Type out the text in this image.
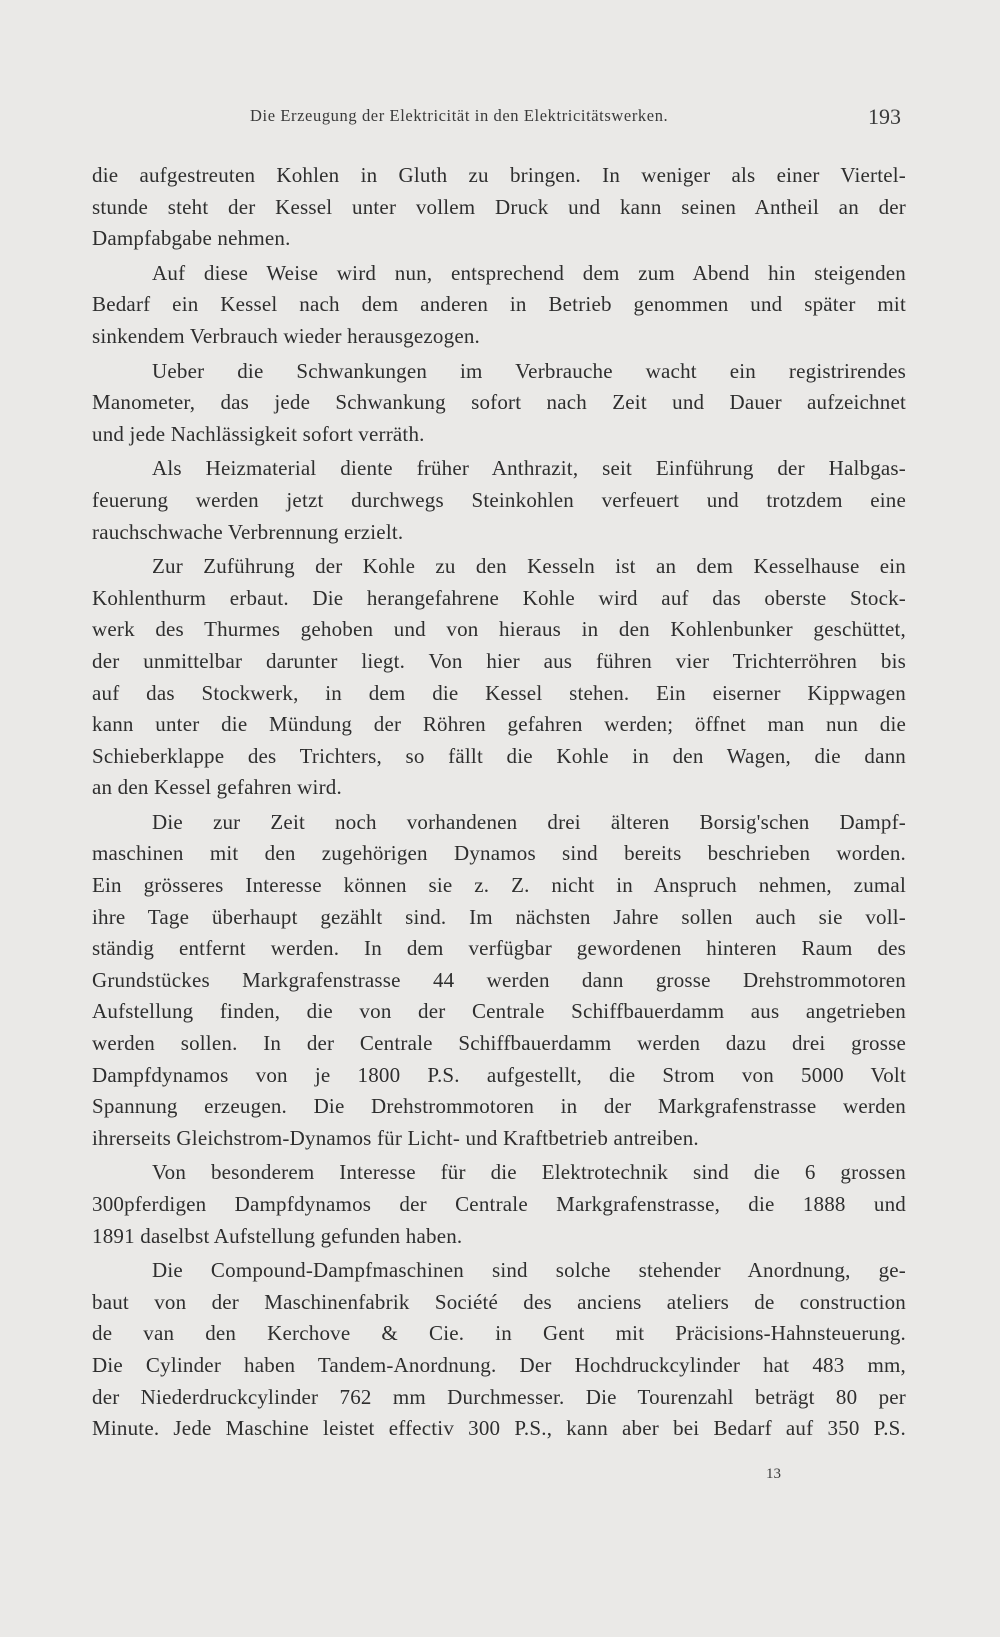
Die Erzeugung der Elektricität in den Elektricitätswerken.	193
die aufgestreuten Kohlen in Gluth zu bringen. In weniger als einer Viertel-
stunde steht der Kessel unter vollem Druck und kann seinen Antheil an der
Dampfabgabe nehmen.
Auf diese Weise wird nun, entsprechend dem zum Abend hin steigenden
Bedarf ein Kessel nach dem anderen in Betrieb genommen und später mit
sinkendem Verbrauch wieder herausgezogen.
Ueber die Schwankungen im Verbrauche wacht ein registrirendes
Manometer, das jede Schwankung sofort nach Zeit und Dauer aufzeichnet
und jede Nachlässigkeit sofort verräth.
Als Heizmaterial diente früher Anthrazit, seit Einführung der Halbgas-
feuerung werden jetzt durchwegs Steinkohlen verfeuert und trotzdem eine
rauchschwache Verbrennung erzielt.
Zur Zuführung der Kohle zu den Kesseln ist an dem Kesselhause ein
Kohlenthurm erbaut. Die herangefahrene Kohle wird auf das oberste Stock-
werk des Thurmes gehoben und von hieraus in den Kohlenbunker geschüttet,
der unmittelbar darunter liegt. Von hier aus führen vier Trichterröhren bis
auf das Stockwerk, in dem die Kessel stehen. Ein eiserner Kippwagen
kann unter die Mündung der Röhren gefahren werden; öffnet man nun die
Schieberklappe des Trichters, so fällt die Kohle in den Wagen, die dann
an den Kessel gefahren wird.
Die zur Zeit noch vorhandenen drei älteren Borsig'schen Dampf-
maschinen mit den zugehörigen Dynamos sind bereits beschrieben worden.
Ein grösseres Interesse können sie z. Z. nicht in Anspruch nehmen, zumal
ihre Tage überhaupt gezählt sind. Im nächsten Jahre sollen auch sie voll-
ständig entfernt werden. In dem verfügbar gewordenen hinteren Raum des
Grundstückes Markgrafenstrasse 44 werden dann grosse Drehstrommotoren
Aufstellung finden, die von der Centrale Schiffbauerdamm aus angetrieben
werden sollen. In der Centrale Schiffbauerdamm werden dazu drei grosse
Dampfdynamos von je 1800 P.S. aufgestellt, die Strom von 5000 Volt
Spannung erzeugen. Die Drehstrommotoren in der Markgrafenstrasse werden
ihrerseits Gleichstrom-Dynamos für Licht- und Kraftbetrieb antreiben.
Von besonderem Interesse für die Elektrotechnik sind die 6 grossen
300pferdigen Dampfdynamos der Centrale Markgrafenstrasse, die 1888 und
1891 daselbst Aufstellung gefunden haben.
Die Compound-Dampfmaschinen sind solche stehender Anordnung, ge-
baut von der Maschinenfabrik Société des anciens ateliers de construction
de van den Kerchove & Cie. in Gent mit Präcisions-Hahnsteuerung.
Die Cylinder haben Tandem-Anordnung. Der Hochdruckcylinder hat 483 mm,
der Niederdruckcylinder 762 mm Durchmesser. Die Tourenzahl beträgt 80 per
Minute. Jede Maschine leistet effectiv 300 P.S., kann aber bei Bedarf auf 350 P.S.
13
